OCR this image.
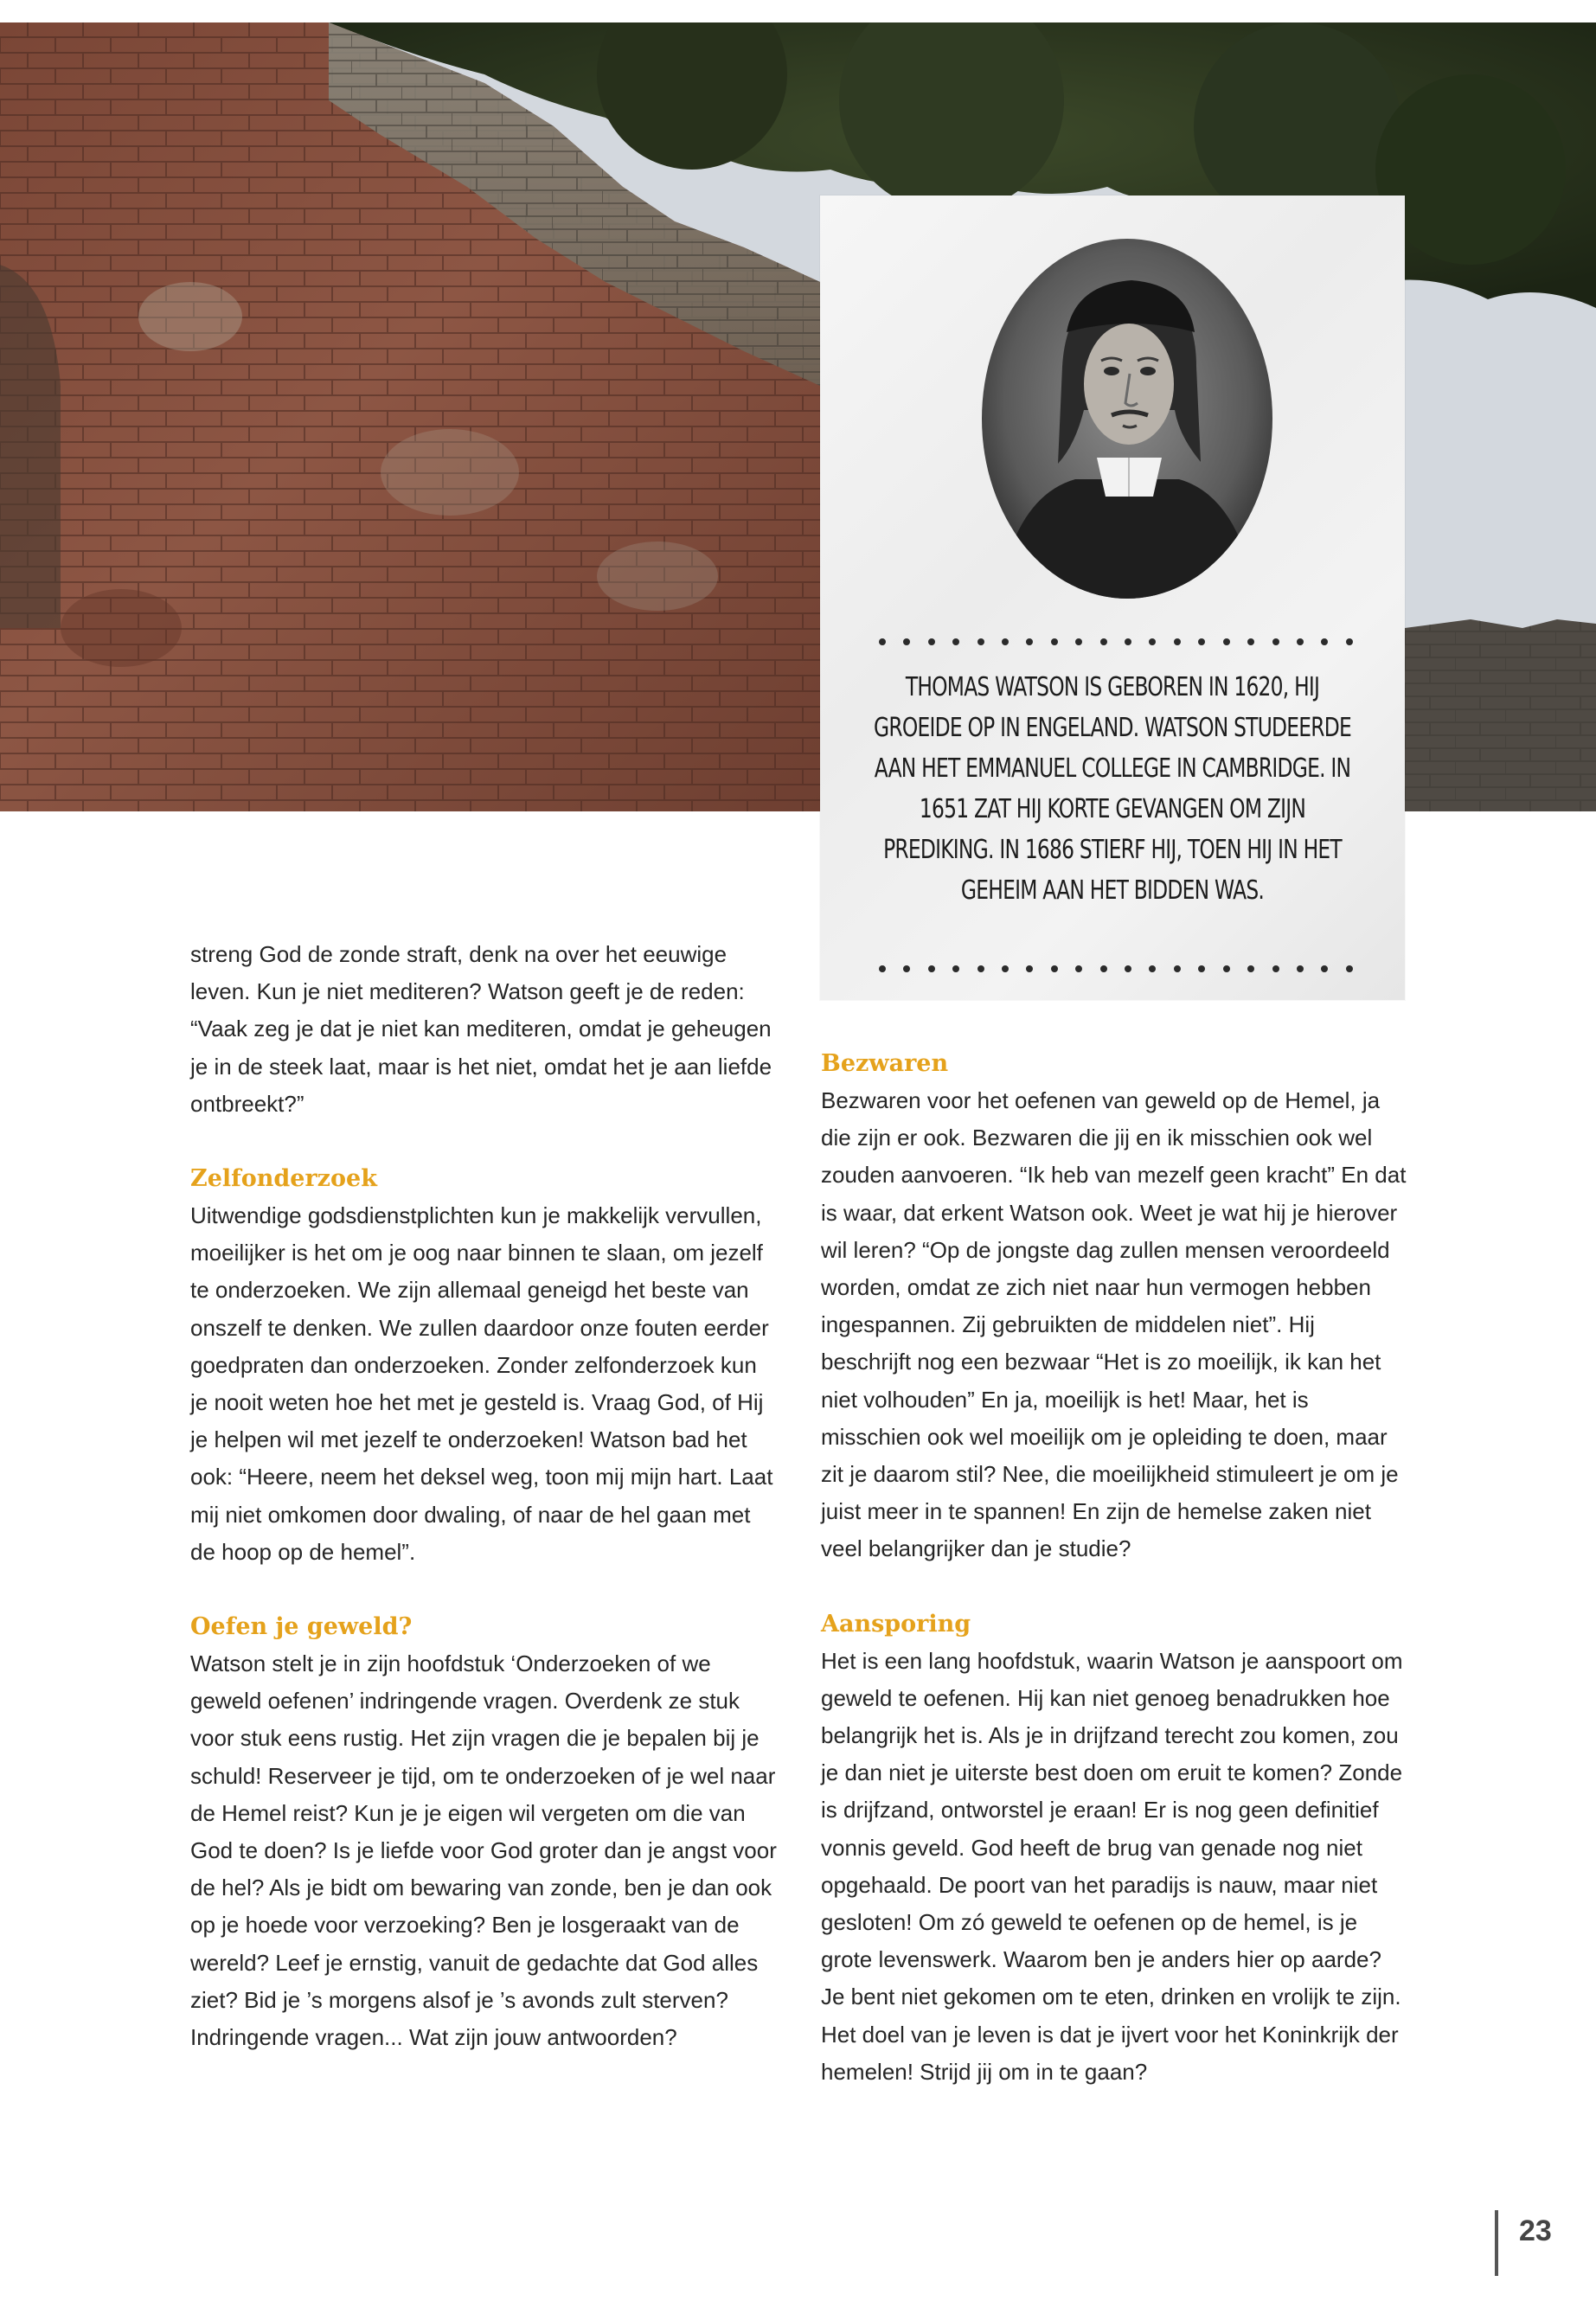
THOMAS WATSON IS GEBOREN IN 1620, HIJ GROEIDE OP IN ENGELAND. WATSON STUDEERDE AAN HET EMMANUEL COLLEGE IN CAMBRIDGE. IN 1651 ZAT HIJ KORTE GEVANGEN OM ZIJN PREDIKING. IN 1686 STIERF HIJ, TOEN HIJ IN HET GEHEIM AAN HET BIDDEN WAS.

streng God de zonde straft, denk na over het eeuwige leven. Kun je niet mediteren? Watson geeft je de reden: “Vaak zeg je dat je niet kan mediteren, omdat je geheugen je in de steek laat, maar is het niet, omdat het je aan liefde ontbreekt?”

Zelfonderzoek

Uitwendige godsdienstplichten kun je makkelijk vervullen, moeilijker is het om je oog naar binnen te slaan, om jezelf te onderzoeken. We zijn allemaal geneigd het beste van onszelf te denken. We zullen daardoor onze fouten eerder goedpraten dan onderzoeken. Zonder zelfonderzoek kun je nooit weten hoe het met je gesteld is. Vraag God, of Hij je helpen wil met jezelf te onderzoeken! Watson bad het ook: “Heere, neem het deksel weg, toon mij mijn hart. Laat mij niet omkomen door dwaling, of naar de hel gaan met de hoop op de hemel”.

Oefen je geweld?

Watson stelt je in zijn hoofdstuk ‘Onderzoeken of we geweld oefenen’ indringende vragen. Overdenk ze stuk voor stuk eens rustig. Het zijn vragen die je bepalen bij je schuld! Reserveer je tijd, om te onderzoeken of je wel naar de Hemel reist? Kun je je eigen wil vergeten om die van God te doen? Is je liefde voor God groter dan je angst voor de hel? Als je bidt om bewaring van zonde, ben je dan ook op je hoede voor verzoeking? Ben je losgeraakt van de wereld? Leef je ernstig, vanuit de gedachte dat God alles ziet? Bid je ’s morgens alsof je ’s avonds zult sterven? Indringende vragen... Wat zijn jouw antwoorden?

Bezwaren

Bezwaren voor het oefenen van geweld op de Hemel, ja die zijn er ook. Bezwaren die jij en ik misschien ook wel zouden aanvoeren. “Ik heb van mezelf geen kracht” En dat is waar, dat erkent Watson ook. Weet je wat hij je hierover wil leren? “Op de jongste dag zullen mensen veroordeeld worden, omdat ze zich niet naar hun vermogen hebben ingespannen. Zij gebruikten de middelen niet”. Hij beschrijft nog een bezwaar “Het is zo moeilijk, ik kan het niet volhouden” En ja, moeilijk is het! Maar, het is misschien ook wel moeilijk om je opleiding te doen, maar zit je daarom stil? Nee, die moeilijkheid stimuleert je om je juist meer in te spannen! En zijn de hemelse zaken niet veel belangrijker dan je studie?

Aansporing

Het is een lang hoofdstuk, waarin Watson je aanspoort om geweld te oefenen. Hij kan niet genoeg benadrukken hoe belangrijk het is. Als je in drijfzand terecht zou komen, zou je dan niet je uiterste best doen om eruit te komen? Zonde is drijfzand, ontworstel je eraan! Er is nog geen definitief vonnis geveld. God heeft de brug van genade nog niet opgehaald. De poort van het paradijs is nauw, maar niet gesloten! Om zó geweld te oefenen op de hemel, is je grote levenswerk. Waarom ben je anders hier op aarde? Je bent niet gekomen om te eten, drinken en vrolijk te zijn. Het doel van je leven is dat je ijvert voor het Koninkrijk der hemelen! Strijd jij om in te gaan?

23
